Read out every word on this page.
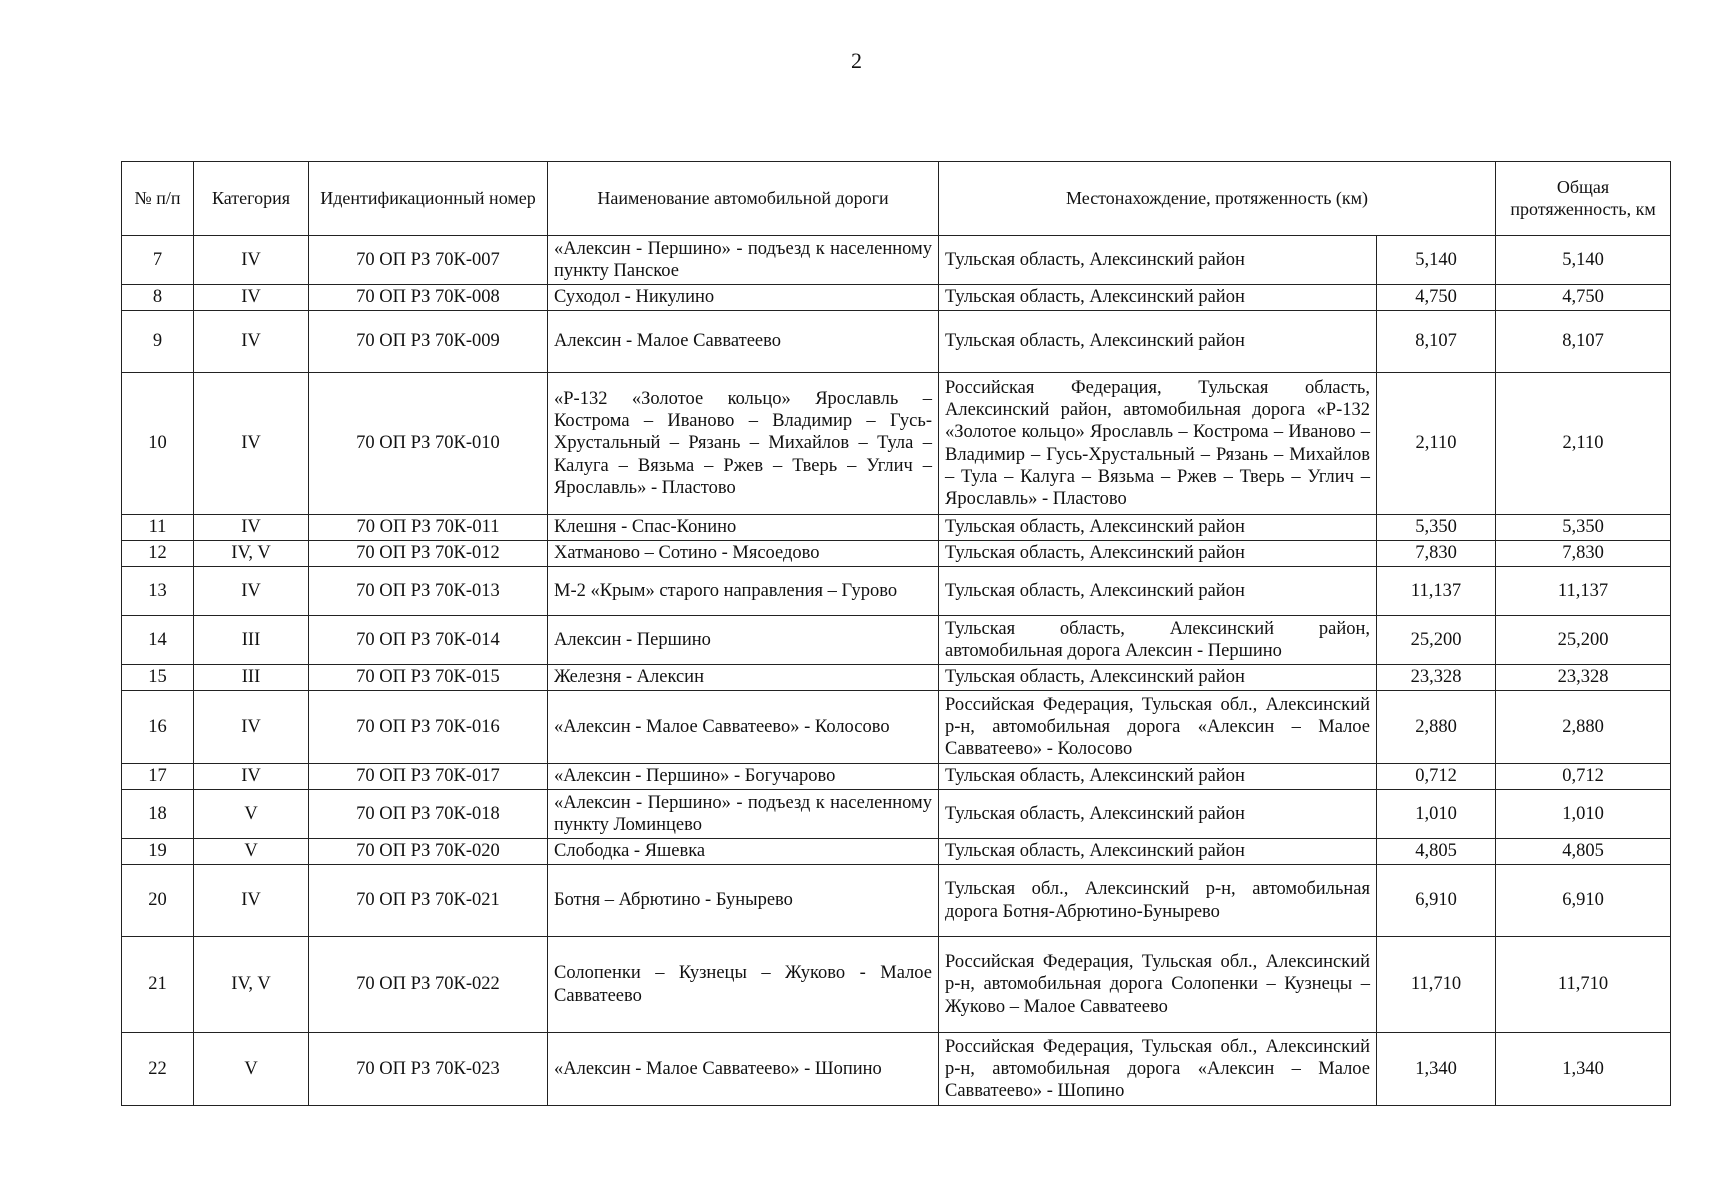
2
№ п/п	Категория	Идентификационный номер	Наименование автомобильной дороги	Местонахождение, протяженность (км)		Общая протяженность, км
7	IV	70 ОП РЗ 70К-007	«Алексин - Першино» - подъезд к населенному пункту Панское	Тульская область, Алексинский район	5,140	5,140
8	IV	70 ОП РЗ 70К-008	Суходол - Никулино	Тульская область, Алексинский район	4,750	4,750
9	IV	70 ОП РЗ 70К-009	Алексин - Малое Савватеево	Тульская область, Алексинский район	8,107	8,107
10	IV	70 ОП РЗ 70К-010	«Р-132 «Золотое кольцо» Ярославль – Кострома – Иваново – Владимир – Гусь-Хрустальный – Рязань – Михайлов – Тула – Калуга – Вязьма – Ржев – Тверь – Углич – Ярославль» - Пластово	Российская Федерация, Тульская область, Алексинский район, автомобильная дорога «Р-132 «Золотое кольцо» Ярославль – Кострома – Иваново – Владимир – Гусь-Хрустальный – Рязань – Михайлов – Тула – Калуга – Вязьма – Ржев – Тверь – Углич – Ярославль» - Пластово	2,110	2,110
11	IV	70 ОП РЗ 70К-011	Клешня - Спас-Конино	Тульская область, Алексинский район	5,350	5,350
12	IV, V	70 ОП РЗ 70К-012	Хатманово – Сотино - Мясоедово	Тульская область, Алексинский район	7,830	7,830
13	IV	70 ОП РЗ 70К-013	М-2 «Крым» старого направления – Гурово	Тульская область, Алексинский район	11,137	11,137
14	III	70 ОП РЗ 70К-014	Алексин - Першино	Тульская область, Алексинский район, автомобильная дорога Алексин - Першино	25,200	25,200
15	III	70 ОП РЗ 70К-015	Железня - Алексин	Тульская область, Алексинский район	23,328	23,328
16	IV	70 ОП РЗ 70К-016	«Алексин - Малое Савватеево» - Колосово	Российская Федерация, Тульская обл., Алексинский р-н, автомобильная дорога «Алексин – Малое Савватеево» - Колосово	2,880	2,880
17	IV	70 ОП РЗ 70К-017	«Алексин - Першино» - Богучарово	Тульская область, Алексинский район	0,712	0,712
18	V	70 ОП РЗ 70К-018	«Алексин - Першино» - подъезд к населенному пункту Ломинцево	Тульская область, Алексинский район	1,010	1,010
19	V	70 ОП РЗ 70К-020	Слободка - Яшевка	Тульская область, Алексинский район	4,805	4,805
20	IV	70 ОП РЗ 70К-021	Ботня – Абрютино - Бунырево	Тульская обл., Алексинский р-н, автомобильная дорога Ботня-Абрютино-Бунырево	6,910	6,910
21	IV, V	70 ОП РЗ 70К-022	Солопенки – Кузнецы – Жуково - Малое Савватеево	Российская Федерация, Тульская обл., Алексинский р-н, автомобильная дорога Солопенки – Кузнецы – Жуково – Малое Савватеево	11,710	11,710
22	V	70 ОП РЗ 70К-023	«Алексин - Малое Савватеево» - Шопино	Российская Федерация, Тульская обл., Алексинский р-н, автомобильная дорога «Алексин – Малое Савватеево» - Шопино	1,340	1,340
